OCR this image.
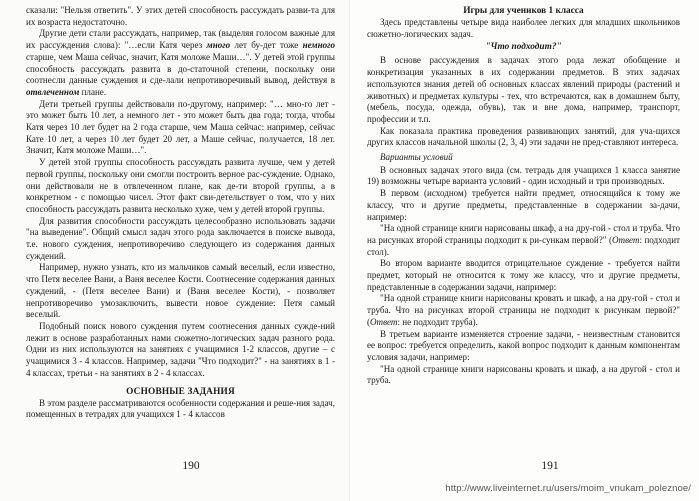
сказали: "Нельзя ответить". У этих детей способность рассуждать разви-та для их возраста недостаточно.

Другие дети стали рассуждать, например, так (выделяя голосом важные для их рассуждения слова): "…если Катя через много лет бу-дет тоже немного старше, чем Маша сейчас, значит, Катя моложе Маши…". У детей этой группы способность рассуждать развита в до-статочной степени, поскольку они соотнесли данные суждения и сде-лали непротиворечивый вывод, действуя в отвлеченном плане.

Дети третьей группы действовали по-другому, например: "… мно-го лет - это может быть 10 лет, а немного лет - это может быть два года; тогда, чтобы Катя через 10 лет будет на 2 года старше, чем Маша сейчас: например, сейчас Кате 10 лет, а через 10 лет будет 20 лет, а Маше сейчас, получается, 18 лет. Значит, Катя моложе Маши…".

У детей этой группы способность рассуждать развита лучше, чем у детей первой группы, поскольку они смогли построить верное рас-суждение. Однако, они действовали не в отвлеченном плане, как де-ти второй группы, а в конкретном - с помощью чисел. Этот факт сви-детельствует о том, что у них способность рассуждать развита несколько хуже, чем у детей второй группы.

Для развития способности рассуждать целесообразно использовать задачи "на выведение". Общий смысл задач этого рода заключается в поиске вывода, т.е. нового суждения, непротиворечиво следующего из содержания данных суждений.

Например, нужно узнать, кто из мальчиков самый веселый, если известно, что Петя веселее Вани, а Ваня веселее Кости. Соотнесение содержания данных суждений, - (Петя веселее Вани) и (Ваня веселее Кости), - позволяет непротиворечиво умозаключить, вывести новое суждение: Петя самый веселый.

Подобный поиск нового суждения путем соотнесения данных сужде-ний лежит в основе разработанных нами сюжетно-логических задач разного рода. Одни из них используются на занятиях с учащимися 1-2 классов, другие – с учащимися 3 - 4 классов. Например, задачи "Что подходит?" - на занятиях в 1 - 4 классах, третьи - на занятиях в 2 - 4 классах.

ОСНОВНЫЕ ЗАДАНИЯ

В этом разделе рассматриваются особенности содержания и реше-ния задач, помещенных в тетрадях для учащихся 1 - 4 классов

190
Игры для учеников 1 класса

Здесь представлены четыре вида наиболее легких для младших школьников сюжетно-логических задач.

"Что подходит?"

В основе рассуждения в задачах этого рода лежат обобщение и конкретизация указанных в их содержании предметов. В этих задачах используются знания детей об основных классах явлений природы (растений и животных) и предметах культуры - тех, что встречаются, как в домашнем быту, (мебель, посуда, одежда, обувь), так и вне дома, например, транспорт, профессии и т.п.

Как показала практика проведения развивающих занятий, для уча-щихся других классов начальной школы (2, 3, 4) эти задачи не пред-ставляют интереса.

Варианты условий

В основных задачах этого вида (см. тетрадь для учащихся 1 класса занятие 19) возможны четыре варианта условий - один исходный и три производных.

В первом (исходном) требуется найти предмет, относящийся к тому же классу, что и другие предметы, представленные в содержании за-дачи, например:

"На одной странице книги нарисованы шкаф, а на дру-гой - стол и труба. Что на рисунках второй страницы подходит к ри-сункам первой?" (Ответ: подходит стол).

Во втором варианте вводится отрицательное суждение - требуется найти предмет, который не относится к тому же классу, что и другие предметы, представленные в содержании задачи, например:

"На одной странице книги нарисованы кровать и шкаф, а на дру-гой - стол и труба. Что на рисунках второй страницы не подходит к рисункам первой?" (Ответ: не подходит труба).

В третьем варианте изменяется строение задачи, - неизвестным становится ее вопрос: требуется определить, какой вопрос подходит к данным компонентам условия задачи, например:

"На одной странице книги нарисованы кровать и шкаф, а на другой - стол и труба.

191
http://www.liveinternet.ru/users/moim_vnukam_poleznoe/
